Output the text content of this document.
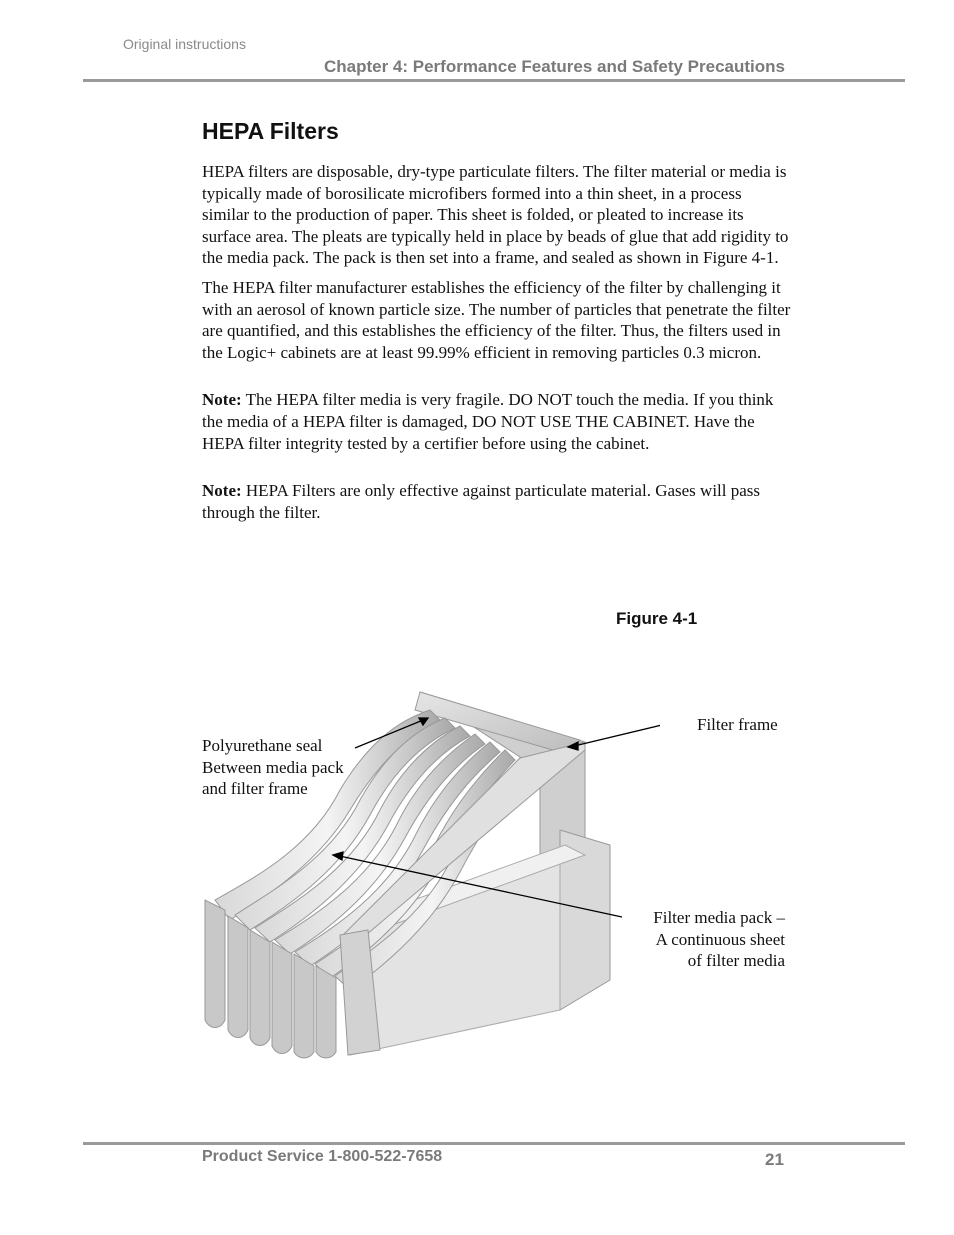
Original instructions
Chapter 4: Performance Features and Safety Precautions
HEPA Filters

HEPA filters are disposable, dry-type particulate filters. The filter material or media is typically made of borosilicate microfibers formed into a thin sheet, in a process similar to the production of paper. This sheet is folded, or pleated to increase its surface area. The pleats are typically held in place by beads of glue that add rigidity to the media pack. The pack is then set into a frame, and sealed as shown in Figure 4-1.

The HEPA filter manufacturer establishes the efficiency of the filter by challenging it with an aerosol of known particle size. The number of particles that penetrate the filter are quantified, and this establishes the efficiency of the filter. Thus, the filters used in the Logic+ cabinets are at least 99.99% efficient in removing particles 0.3 micron.

Note: The HEPA filter media is very fragile. DO NOT touch the media. If you think the media of a HEPA filter is damaged, DO NOT USE THE CABINET. Have the HEPA filter integrity tested by a certifier before using the cabinet.

Note: HEPA Filters are only effective against particulate material. Gases will pass through the filter.

Figure 4-1
Polyurethane seal
Between media pack
and filter frame
Filter frame
Filter media pack –
A continuous sheet
of filter media
Product Service 1-800-522-7658	21
